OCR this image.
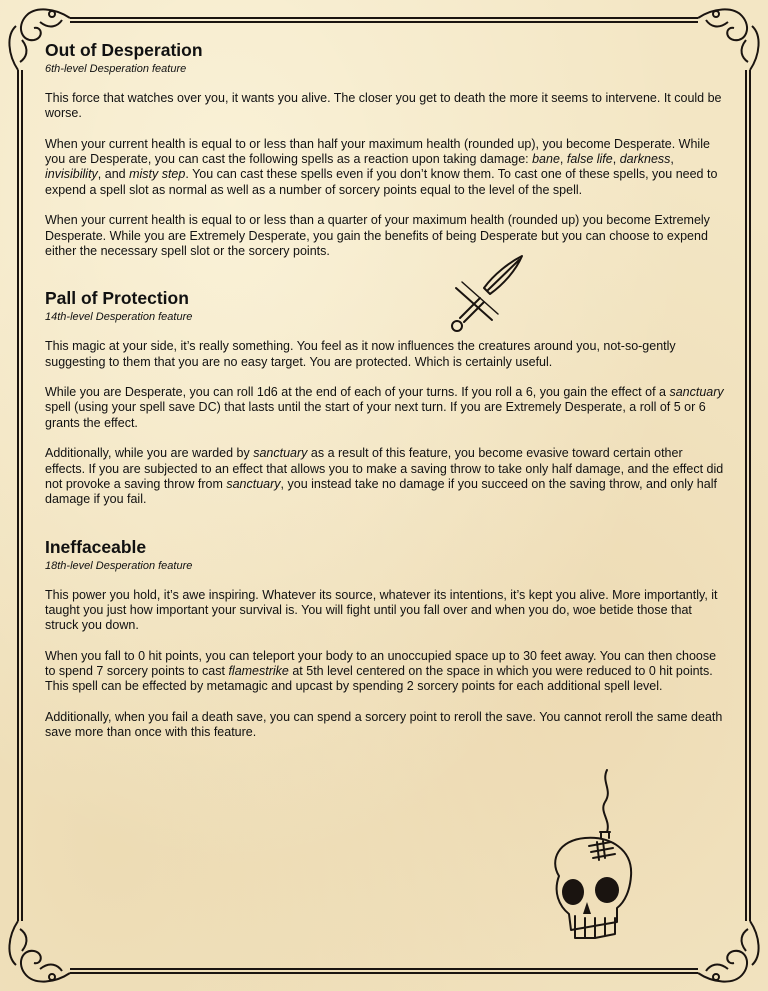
Out of Desperation
6th-level Desperation feature

This force that watches over you, it wants you alive. The closer you get to death the more it seems to intervene. It could be worse.

When your current health is equal to or less than half your maximum health (rounded up), you become Desperate. While you are Desperate, you can cast the following spells as a reaction upon taking damage: bane, false life, darkness, invisibility, and misty step. You can cast these spells even if you don’t know them. To cast one of these spells, you need to expend a spell slot as normal as well as a number of sorcery points equal to the level of the spell.

When your current health is equal to or less than a quarter of your maximum health (rounded up) you become Extremely Desperate. While you are Extremely Desperate, you gain the benefits of being Desperate but you can choose to expend either the necessary spell slot or the sorcery points.

Pall of Protection
14th-level Desperation feature

This magic at your side, it’s really something. You feel as it now influences the creatures around you, not-so-gently suggesting to them that you are no easy target. You are protected. Which is certainly useful.

While you are Desperate, you can roll 1d6 at the end of each of your turns. If you roll a 6, you gain the effect of a sanctuary spell (using your spell save DC) that lasts until the start of your next turn. If you are Extremely Desperate, a roll of 5 or 6 grants the effect.

Additionally, while you are warded by sanctuary as a result of this feature, you become evasive toward certain other effects. If you are subjected to an effect that allows you to make a saving throw to take only half damage, and the effect did not provoke a saving throw from sanctuary, you instead take no damage if you succeed on the saving throw, and only half damage if you fail.

Ineffaceable
18th-level Desperation feature

This power you hold, it’s awe inspiring. Whatever its source, whatever its intentions, it’s kept you alive. More importantly, it taught you just how important your survival is. You will fight until you fall over and when you do, woe betide those that struck you down.

When you fall to 0 hit points, you can teleport your body to an unoccupied space up to 30 feet away. You can then choose to spend 7 sorcery points to cast flamestrike at 5th level centered on the space in which you were reduced to 0 hit points. This spell can be effected by metamagic and upcast by spending 2 sorcery points for each additional spell level.

Additionally, when you fail a death save, you can spend a sorcery point to reroll the save. You cannot reroll the same death save more than once with this feature.
